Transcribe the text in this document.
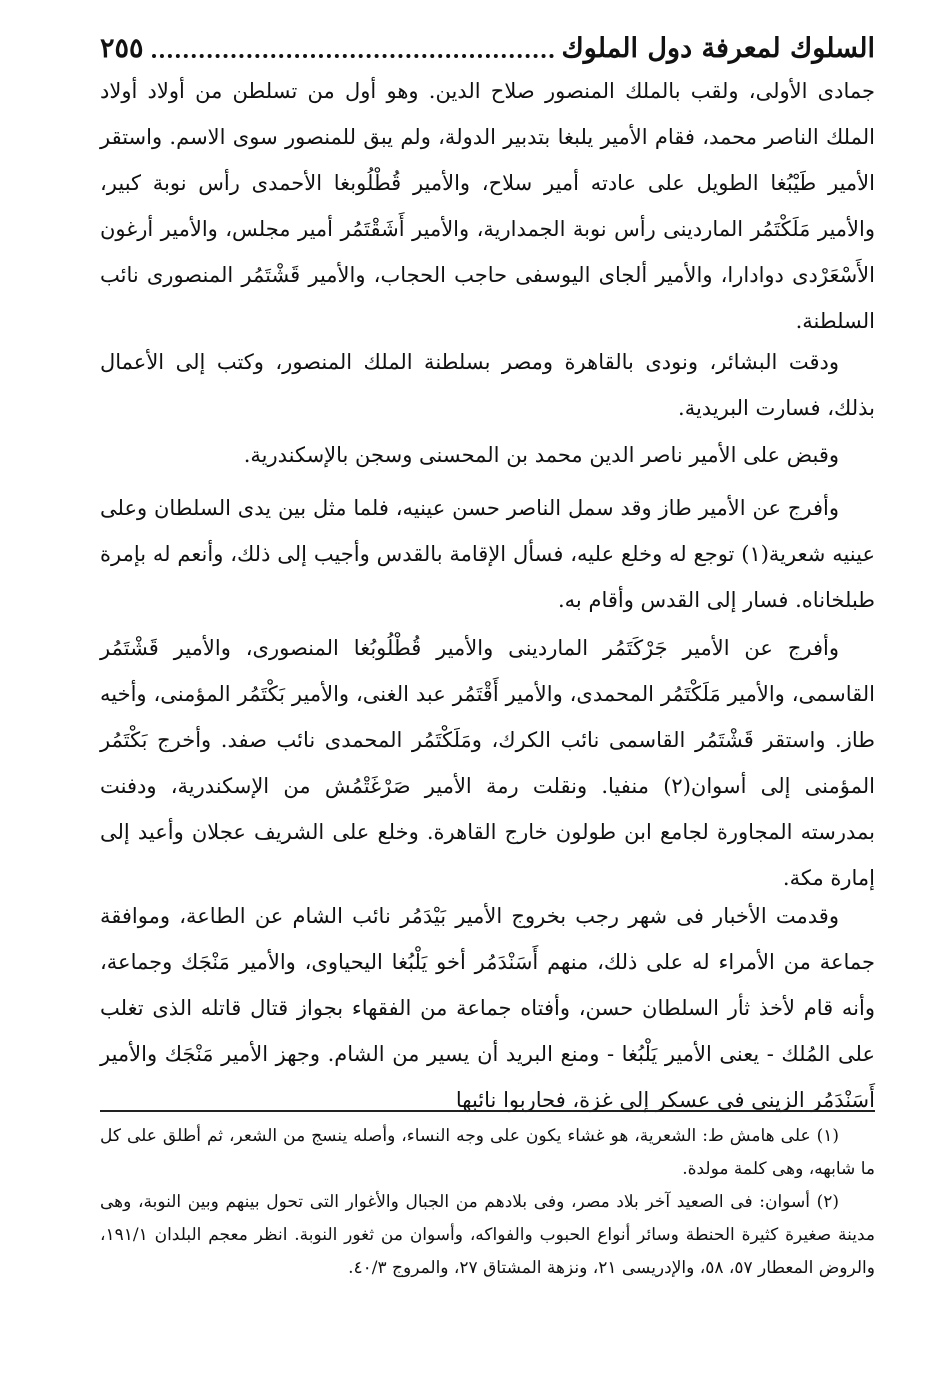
السلوك لمعرفة دول الملوك
٢٥٥

جمادى الأولى، ولقب بالملك المنصور صلاح الدين. وهو أول من تسلطن من أولاد أولاد الملك الناصر محمد، فقام الأمير يلبغا بتدبير الدولة، ولم يبق للمنصور سوى الاسم. واستقر الأمير طَيْبُغا الطويل على عادته أمير سلاح، والأمير قُطْلُوبغا الأحمدى رأس نوبة كبير، والأمير مَلَكْتَمُر الماردينى رأس نوبة الجمدارية، والأمير أَشَقْتَمُر أمير مجلس، والأمير أرغون الأَسْعَرْدى دوادارا، والأمير ألجاى اليوسفى حاجب الحجاب، والأمير قَشْتَمُر المنصورى نائب السلطنة.

ودقت البشائر، ونودى بالقاهرة ومصر بسلطنة الملك المنصور، وكتب إلى الأعمال بذلك، فسارت البريدية.

وقبض على الأمير ناصر الدين محمد بن المحسنى وسجن بالإسكندرية.

وأفرج عن الأمير طاز وقد سمل الناصر حسن عينيه، فلما مثل بين يدى السلطان وعلى عينيه شعرية(١) توجع له وخلع عليه، فسأل الإقامة بالقدس وأجيب إلى ذلك، وأنعم له بإمرة طبلخاناه. فسار إلى القدس وأقام به.

وأفرج عن الأمير جَرْكَتَمُر الماردينى والأمير قُطْلُوبُغا المنصورى، والأمير قَشْتَمُر القاسمى، والأمير مَلَكْتَمُر المحمدى، والأمير أَقْتَمُر عبد الغنى، والأمير بَكْتَمُر المؤمنى، وأخيه طاز. واستقر قَشْتَمُر القاسمى نائب الكرك، ومَلَكْتَمُر المحمدى نائب صفد. وأخرج بَكْتَمُر المؤمنى إلى أسوان(٢) منفيا. ونقلت رمة الأمير صَرْغَتْمُش من الإسكندرية، ودفنت بمدرسته المجاورة لجامع ابن طولون خارج القاهرة. وخلع على الشريف عجلان وأعيد إلى إمارة مكة.

وقدمت الأخبار فى شهر رجب بخروج الأمير بَيْدَمُر نائب الشام عن الطاعة، وموافقة جماعة من الأمراء له على ذلك، منهم أَسَنْدَمُر أخو يَلْبُغا اليحياوى، والأمير مَنْجَك وجماعة، وأنه قام لأخذ ثأر السلطان حسن، وأفتاه جماعة من الفقهاء بجواز قتال قاتله الذى تغلب على المُلك - يعنى الأمير يَلْبُغا - ومنع البريد أن يسير من الشام. وجهز الأمير مَنْجَك والأمير أَسَنْدَمُر الزينى فى عسكر إلى غزة، فحاربوا نائبها

(١) على هامش ط: الشعرية، هو غشاء يكون على وجه النساء، وأصله ينسج من الشعر، ثم أطلق على كل ما شابهه، وهى كلمة مولدة.

(٢) أسوان: فى الصعيد آخر بلاد مصر، وفى بلادهم من الجبال والأغوار التى تحول بينهم وبين النوبة، وهى مدينة صغيرة كثيرة الحنطة وسائر أنواع الحبوب والفواكه، وأسوان من ثغور النوبة. انظر معجم البلدان ١٩١/١، والروض المعطار ٥٧، ٥٨، والإدريسى ٢١، ونزهة المشتاق ٢٧، والمروج ٤٠/٣.
